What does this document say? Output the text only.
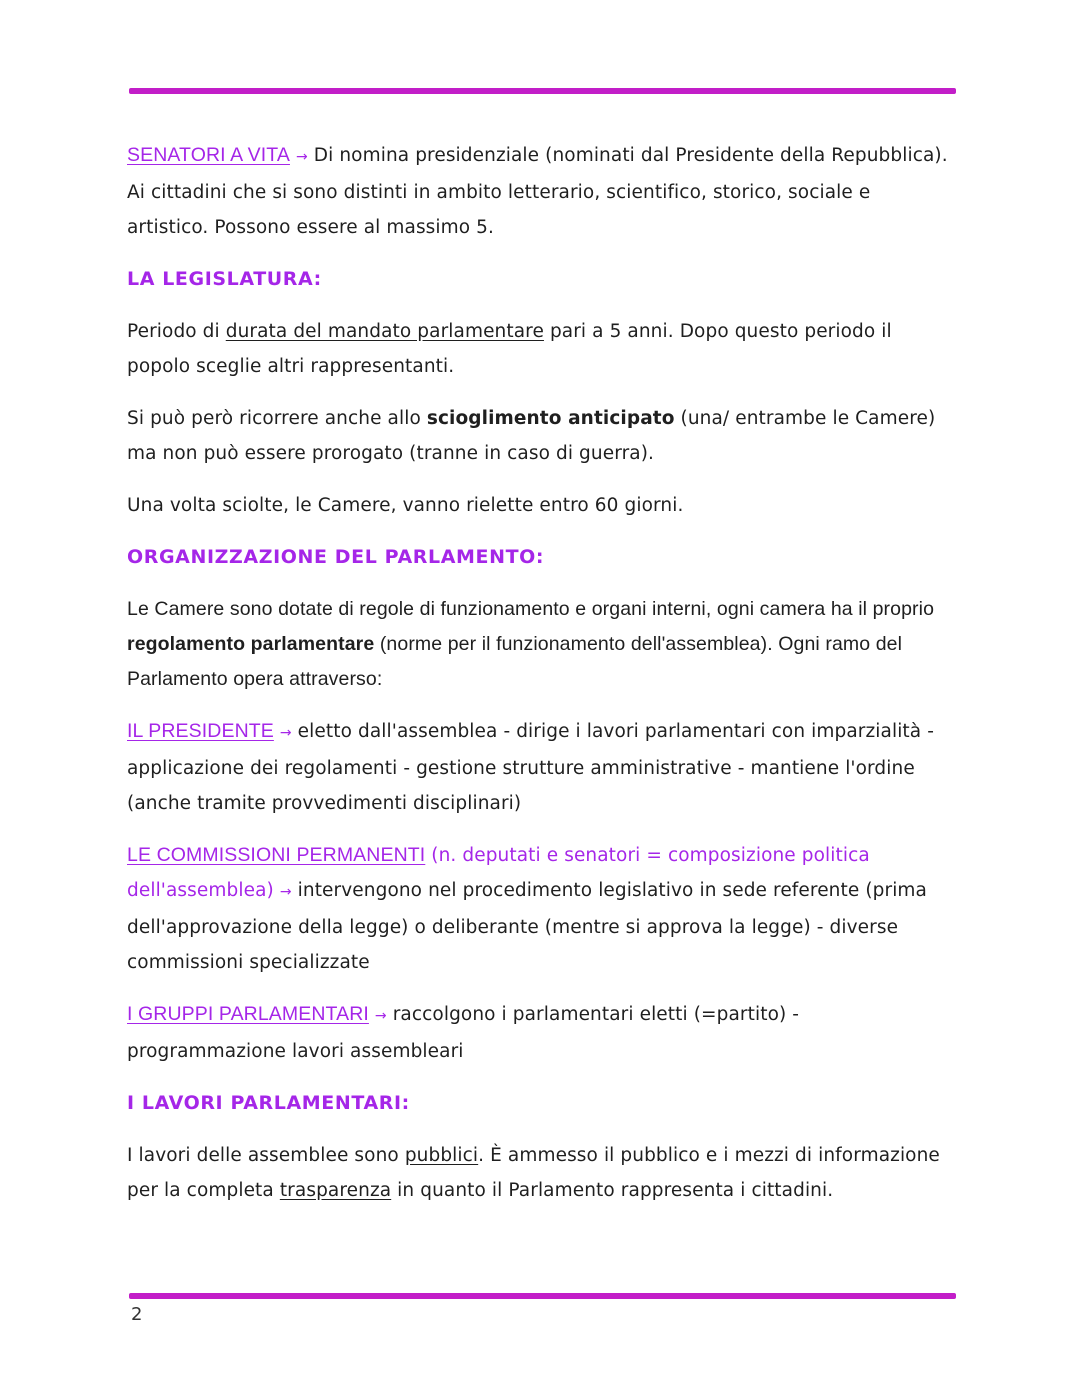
SENATORI A VITA → Di nomina presidenziale (nominati dal Presidente della Repubblica). Ai cittadini che si sono distinti in ambito letterario, scientifico, storico, sociale e artistico. Possono essere al massimo 5.

LA LEGISLATURA:

Periodo di durata del mandato parlamentare pari a 5 anni. Dopo questo periodo il popolo sceglie altri rappresentanti.

Si può però ricorrere anche allo scioglimento anticipato (una/ entrambe le Camere) ma non può essere prorogato (tranne in caso di guerra).

Una volta sciolte, le Camere, vanno rielette entro 60 giorni.

ORGANIZZAZIONE DEL PARLAMENTO:

Le Camere sono dotate di regole di funzionamento e organi interni, ogni camera ha il proprio regolamento parlamentare (norme per il funzionamento dell'assemblea). Ogni ramo del Parlamento opera attraverso:

IL PRESIDENTE → eletto dall'assemblea - dirige i lavori parlamentari con imparzialità - applicazione dei regolamenti - gestione strutture amministrative - mantiene l'ordine (anche tramite provvedimenti disciplinari)

LE COMMISSIONI PERMANENTI (n. deputati e senatori = composizione politica dell'assemblea) → intervengono nel procedimento legislativo in sede referente (prima dell'approvazione della legge) o deliberante (mentre si approva la legge) - diverse commissioni specializzate

I GRUPPI PARLAMENTARI → raccolgono i parlamentari eletti (=partito) - programmazione lavori assembleari

I LAVORI PARLAMENTARI:

I lavori delle assemblee sono pubblici. È ammesso il pubblico e i mezzi di informazione per la completa trasparenza in quanto il Parlamento rappresenta i cittadini.

2
